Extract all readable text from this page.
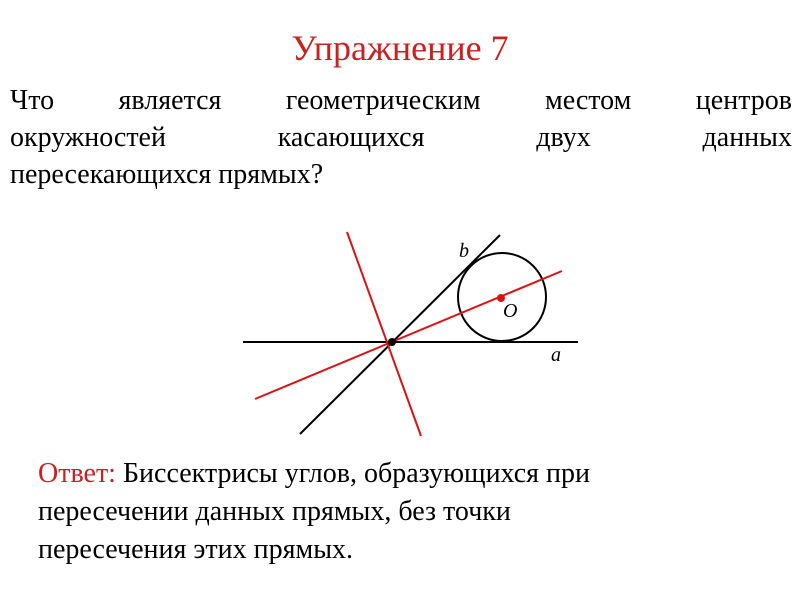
Упражнение 7
Что является геометрическим местом центров
окружностей	касающихся	двух	данных
пересекающихся прямых?
b
O
a
Ответ: Биссектрисы углов, образующихся при
пересечении данных прямых, без точки
пересечения этих прямых.
